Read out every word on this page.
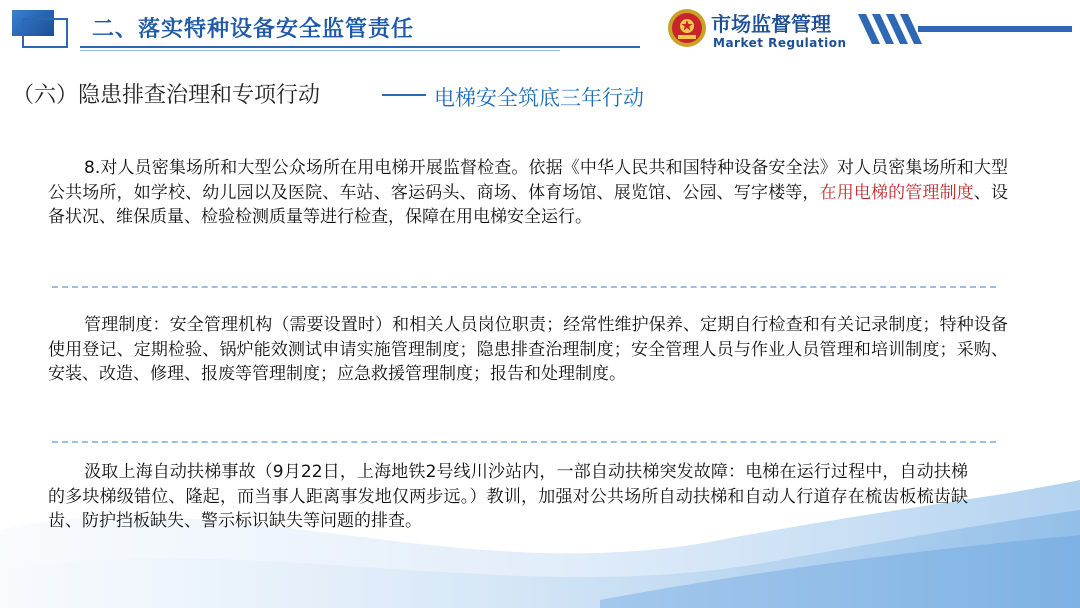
二、落实特种设备安全监管责任	市场监督管理
Market Regulation
（六）隐患排查治理和专项行动	电梯安全筑底三年行动
8.对人员密集场所和大型公众场所在用电梯开展监督检查。依据《中华人民共和国特种设备安全法》对人员密集场所和大型公共场所，如学校、幼儿园以及医院、车站、客运码头、商场、体育场馆、展览馆、公园、写字楼等，在用电梯的管理制度、设备状况、维保质量、检验检测质量等进行检查，保障在用电梯安全运行。
管理制度：安全管理机构（需要设置时）和相关人员岗位职责；经常性维护保养、定期自行检查和有关记录制度；特种设备使用登记、定期检验、锅炉能效测试申请实施管理制度；隐患排查治理制度；安全管理人员与作业人员管理和培训制度；采购、安装、改造、修理、报废等管理制度；应急救援管理制度；报告和处理制度。
汲取上海自动扶梯事故（9月22日，上海地铁2号线川沙站内，一部自动扶梯突发故障：电梯在运行过程中，自动扶梯的多块梯级错位、隆起，而当事人距离事发地仅两步远。）教训，加强对公共场所自动扶梯和自动人行道存在梳齿板梳齿缺齿、防护挡板缺失、警示标识缺失等问题的排查。
